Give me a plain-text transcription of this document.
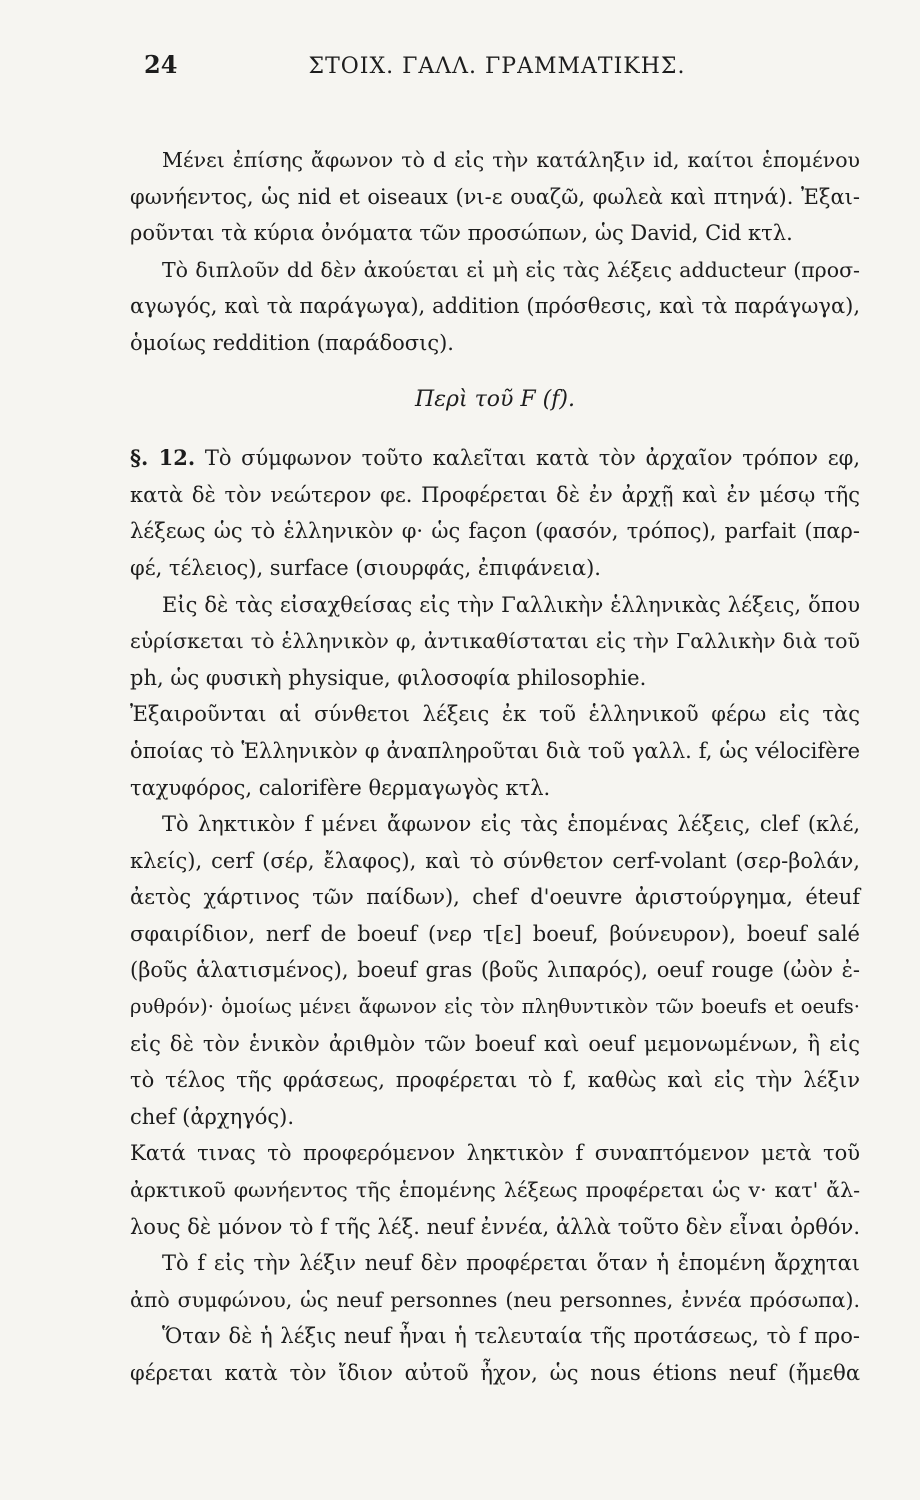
24	ΣΤΟΙΧ. ΓΑΛΛ. ΓΡΑΜΜΑΤΙΚΗΣ.
Μένει ἐπίσης ἄφωνον τὸ d εἰς τὴν κατάληξιν id, καίτοι ἑπομένου
φωνήεντος, ὡς nid et oiseaux (νι-ε ουαζῶ, φωλεὰ καὶ πτηνά). Ἐξαι-
ροῦνται τὰ κύρια ὀνόματα τῶν προσώπων, ὡς David, Cid κτλ.
Τὸ διπλοῦν dd δὲν ἀκούεται εἰ μὴ εἰς τὰς λέξεις adducteur (προσ-
αγωγός, καὶ τὰ παράγωγα), addition (πρόσθεσις, καὶ τὰ παράγωγα),
ὁμοίως reddition (παράδοσις).
Περὶ τοῦ F (f).
§. 12. Τὸ σύμφωνον τοῦτο καλεῖται κατὰ τὸν ἀρχαῖον τρόπον εφ,
κατὰ δὲ τὸν νεώτερον φε. Προφέρεται δὲ ἐν ἀρχῇ καὶ ἐν μέσῳ τῆς
λέξεως ὡς τὸ ἑλληνικὸν φ· ὡς façon (φασόν, τρόπος), parfait (παρ-
φέ, τέλειος), surface (σιουρφάς, ἐπιφάνεια).
Εἰς δὲ τὰς εἰσαχθείσας εἰς τὴν Γαλλικὴν ἑλληνικὰς λέξεις, ὅπου
εὑρίσκεται τὸ ἑλληνικὸν φ, ἀντικαθίσταται εἰς τὴν Γαλλικὴν διὰ τοῦ
ph, ὡς φυσικὴ physique, φιλοσοφία philosophie.
Ἐξαιροῦνται αἱ σύνθετοι λέξεις ἐκ τοῦ ἑλληνικοῦ φέρω εἰς τὰς
ὁποίας τὸ Ἑλληνικὸν φ ἀναπληροῦται διὰ τοῦ γαλλ. f, ὡς vélocifère
ταχυφόρος, calorifère θερμαγωγὸς κτλ.
Τὸ ληκτικὸν f μένει ἄφωνον εἰς τὰς ἑπομένας λέξεις, clef (κλέ,
κλείς), cerf (σέρ, ἔλαφος), καὶ τὸ σύνθετον cerf-volant (σερ-βολάν,
ἀετὸς χάρτινος τῶν παίδων), chef d'oeuvre ἀριστούργημα, éteuf
σφαιρίδιον, nerf de boeuf (νερ τ[ε] boeuf, βούνευρον), boeuf salé
(βοῦς ἁλατισμένος), boeuf gras (βοῦς λιπαρός), oeuf rouge (ὠὸν ἐ-
ρυθρόν)· ὁμοίως μένει ἄφωνον εἰς τὸν πληθυντικὸν τῶν boeufs et oeufs·
εἰς δὲ τὸν ἑνικὸν ἀριθμὸν τῶν boeuf καὶ oeuf μεμονωμένων, ἢ εἰς
τὸ τέλος τῆς φράσεως, προφέρεται τὸ f, καθὼς καὶ εἰς τὴν λέξιν
chef (ἀρχηγός).
Κατά τινας τὸ προφερόμενον ληκτικὸν f συναπτόμενον μετὰ τοῦ
ἀρκτικοῦ φωνήεντος τῆς ἑπομένης λέξεως προφέρεται ὡς v· κατ' ἄλ-
λους δὲ μόνον τὸ f τῆς λέξ. neuf ἐννέα, ἀλλὰ τοῦτο δὲν εἶναι ὀρθόν.
Τὸ f εἰς τὴν λέξιν neuf δὲν προφέρεται ὅταν ἡ ἑπομένη ἄρχηται
ἀπὸ συμφώνου, ὡς neuf personnes (neu personnes, ἐννέα πρόσωπα).
Ὅταν δὲ ἡ λέξις neuf ἦναι ἡ τελευταία τῆς προτάσεως, τὸ f προ-
φέρεται κατὰ τὸν ἴδιον αὐτοῦ ἦχον, ὡς nous étions neuf (ἤμεθα
